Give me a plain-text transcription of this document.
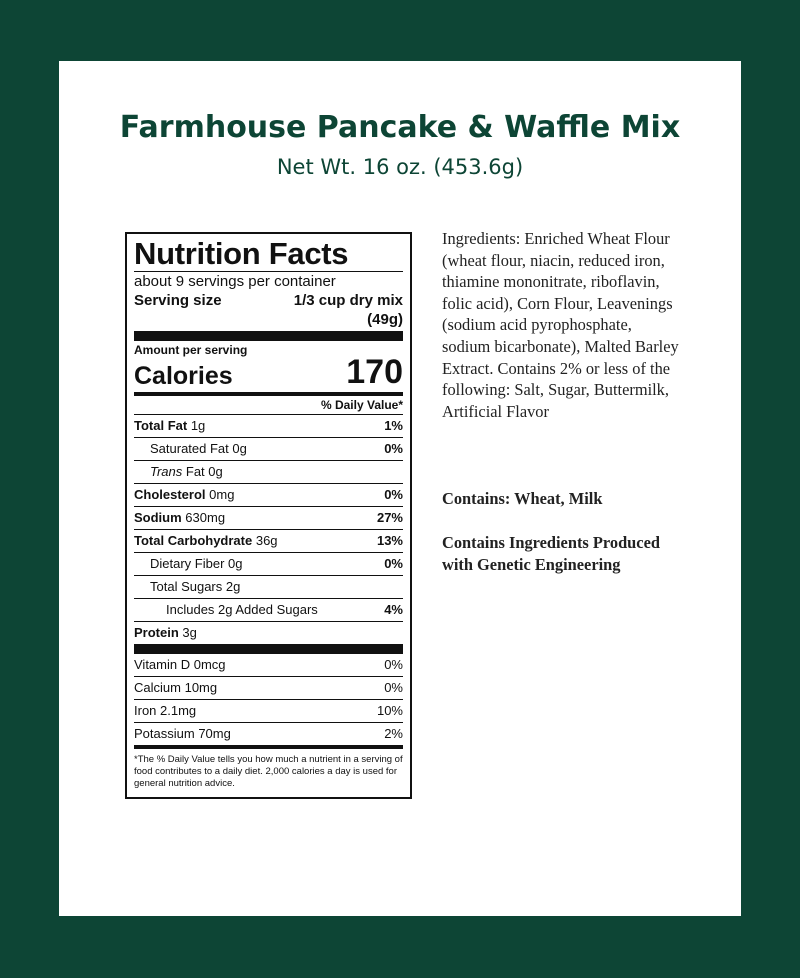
Farmhouse Pancake & Waffle Mix
Net Wt. 16 oz. (453.6g)
Nutrition Facts
about 9 servings per container
Serving size	1/3 cup dry mix
(49g)
Amount per serving
Calories	170
% Daily Value*
Total Fat 1g	1%
Saturated Fat 0g	0%
Trans Fat 0g
Cholesterol 0mg	0%
Sodium 630mg	27%
Total Carbohydrate 36g	13%
Dietary Fiber 0g	0%
Total Sugars 2g
Includes 2g Added Sugars	4%
Protein 3g
Vitamin D 0mcg	0%
Calcium 10mg	0%
Iron 2.1mg	10%
Potassium 70mg	2%
*The % Daily Value tells you how much a nutrient in a serving of food contributes to a daily diet. 2,000 calories a day is used for general nutrition advice.
Ingredients: Enriched Wheat Flour (wheat flour, niacin, reduced iron, thiamine mononitrate, riboflavin, folic acid), Corn Flour, Leavenings (sodium acid pyrophosphate, sodium bicarbonate), Malted Barley Extract. Contains 2% or less of the following: Salt, Sugar, Buttermilk, Artificial Flavor
Contains: Wheat, Milk
Contains Ingredients Produced with Genetic Engineering
